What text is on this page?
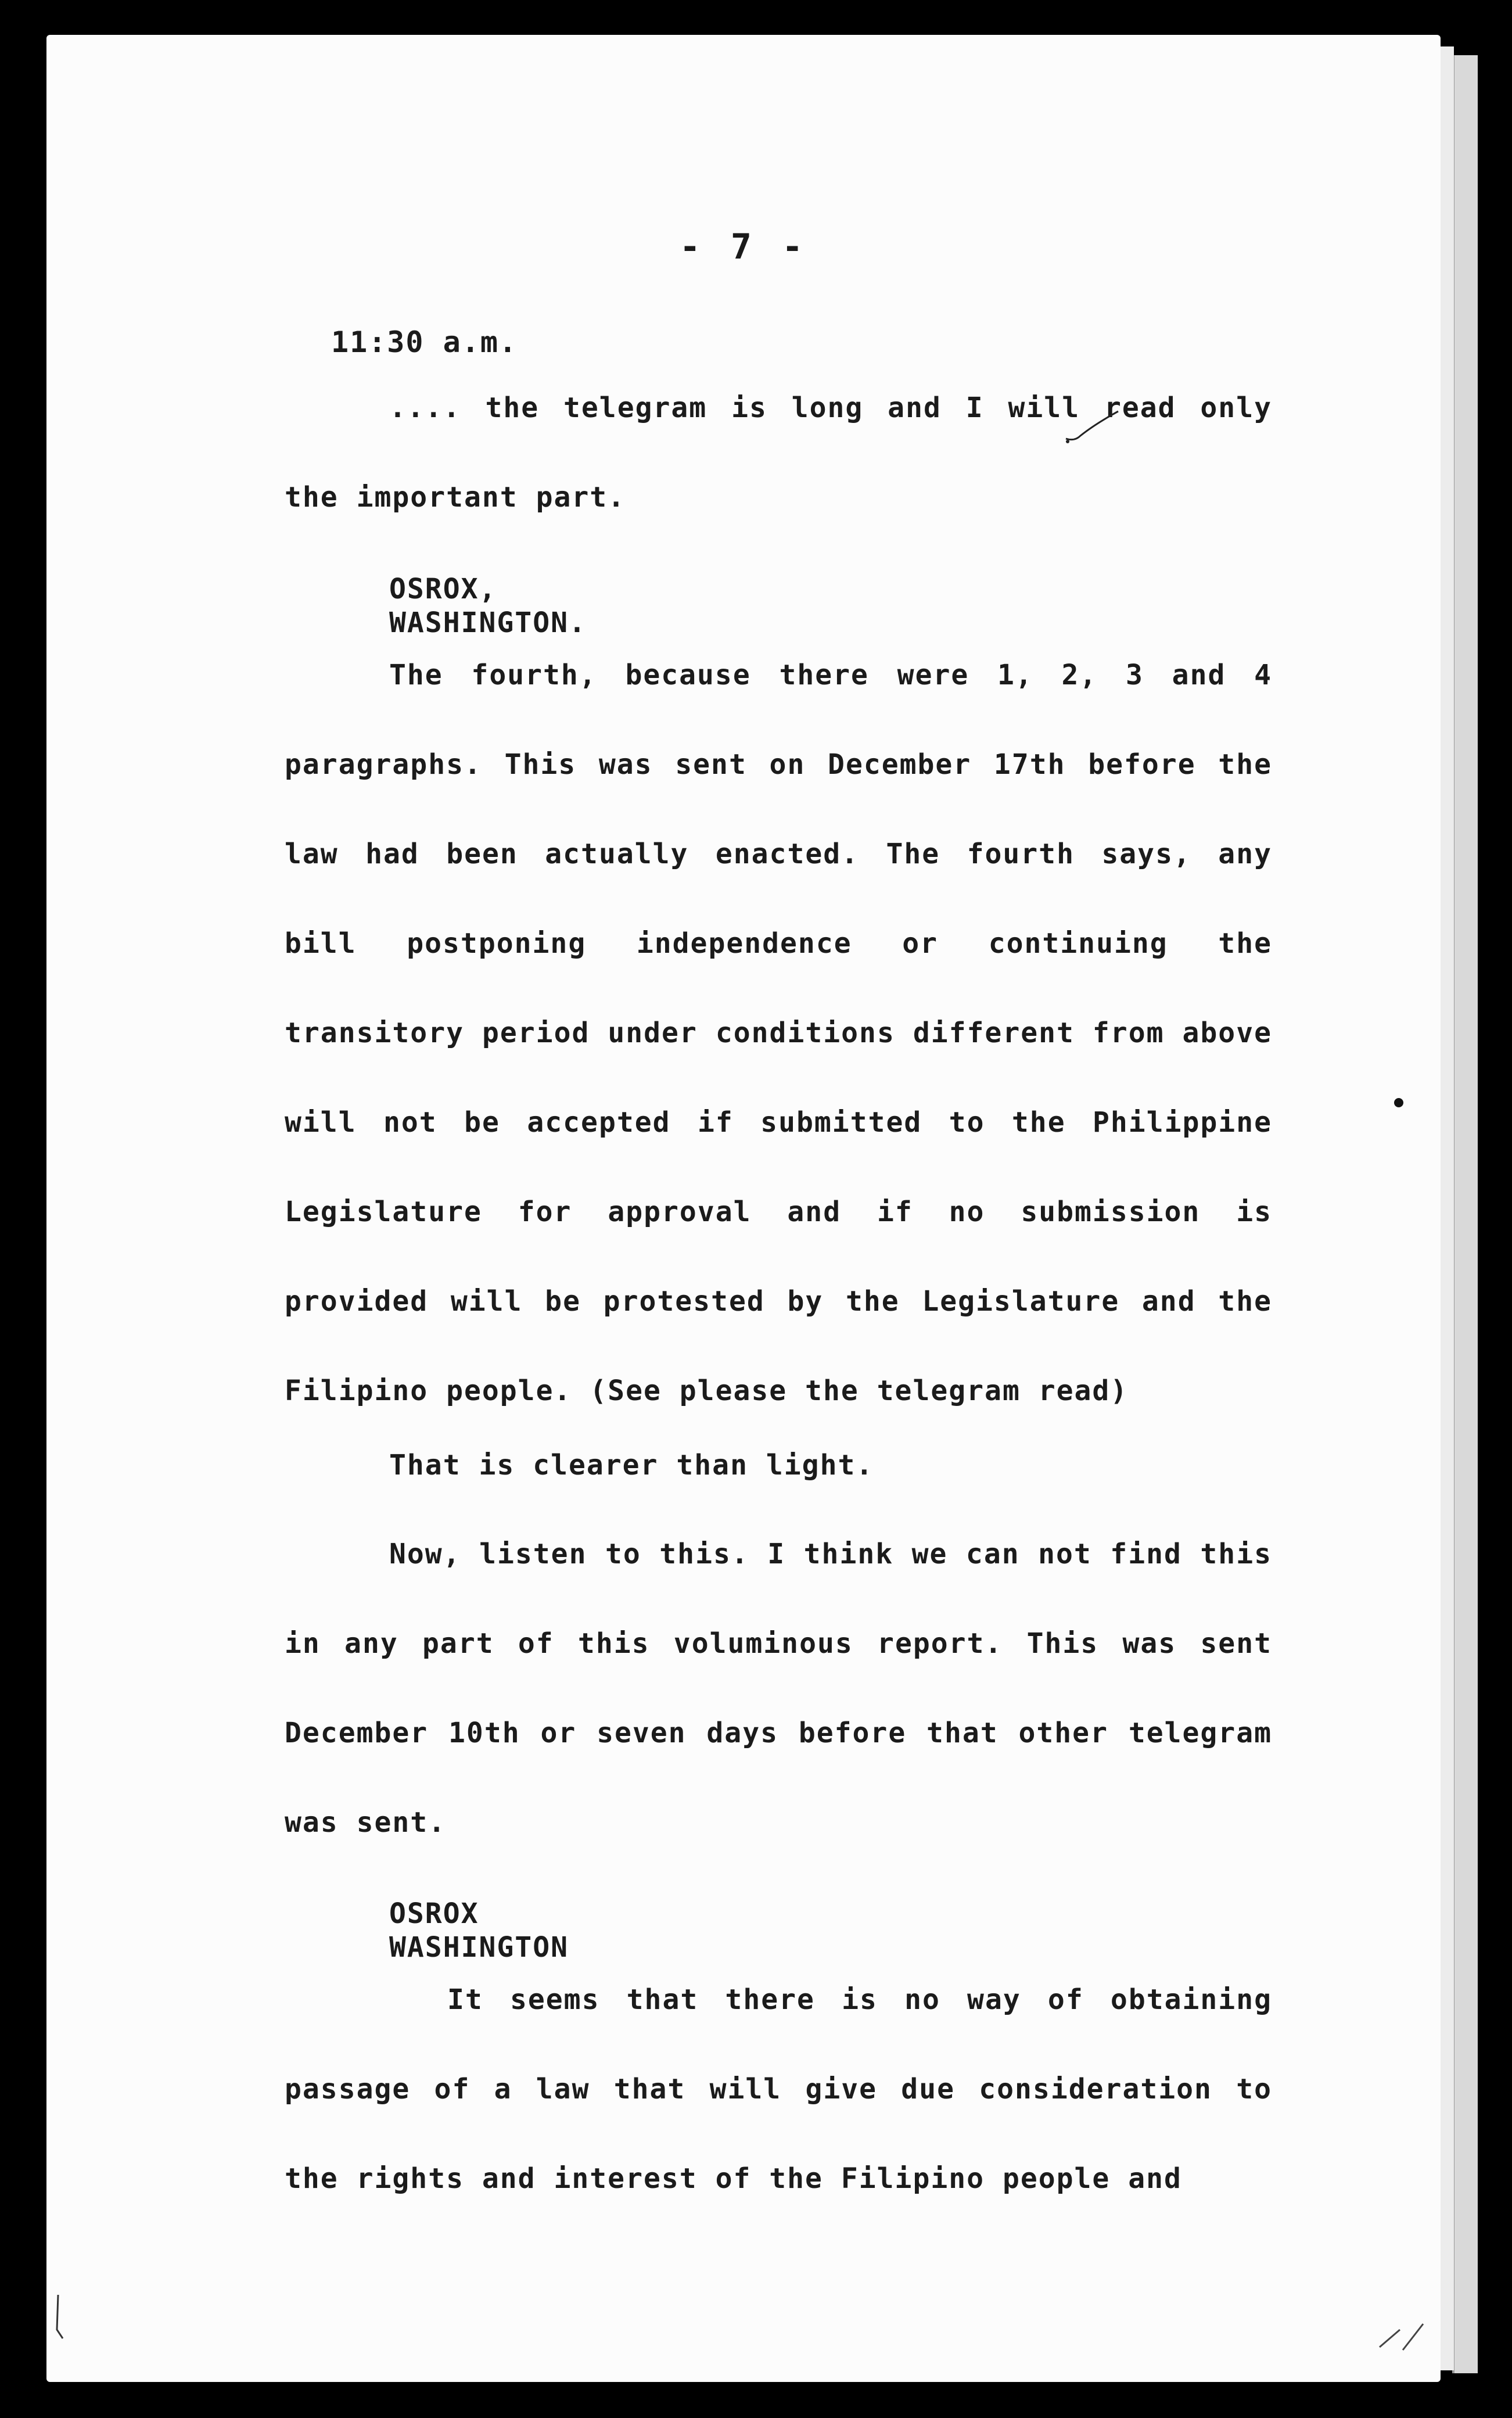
- 7 -
11:30 a.m.
.... the telegram is long and I will read only the important part.
OSROX,
WASHINGTON.
The fourth, because there were 1, 2, 3 and 4 paragraphs. This was sent on December 17th before the law had been actually enacted. The fourth says, any bill postponing independence or continuing the transitory period under conditions different from above will not be accepted if submitted to the Philippine Legislature for approval and if no submission is provided will be protested by the Legislature and the Filipino people. (See please the telegram read)
That is clearer than light.
Now, listen to this. I think we can not find this in any part of this voluminous report. This was sent December 10th or seven days before that other telegram was sent.
OSROX
WASHINGTON
It seems that there is no way of obtaining passage of a law that will give due consideration to the rights and interest of the Filipino people and
